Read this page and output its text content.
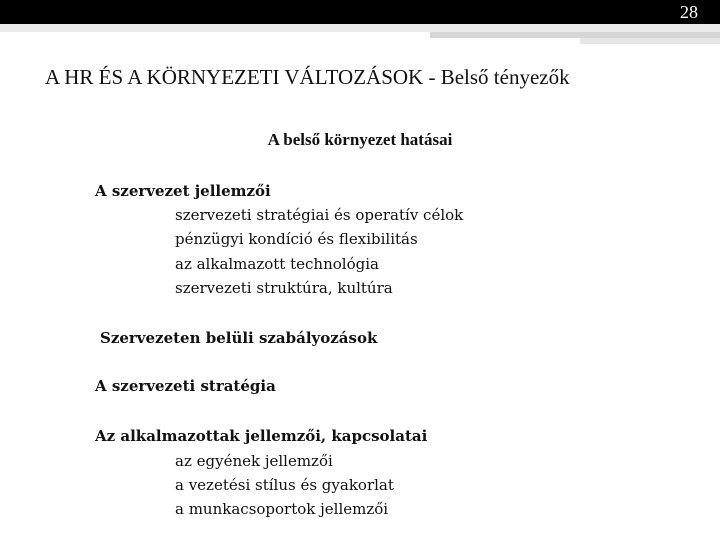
28
A HR ÉS A KÖRNYEZETI VÁLTOZÁSOK - Belső tényezők
A belső környezet hatásai
A szervezet jellemzői
szervezeti stratégiai és operatív célok
pénzügyi kondíció és flexibilitás
az alkalmazott technológia
szervezeti struktúra, kultúra
Szervezeten belüli szabályozások
A szervezeti stratégia
Az alkalmazottak jellemzői, kapcsolatai
az egyének jellemzői
a vezetési stílus és gyakorlat
a munkacsoportok jellemzői
